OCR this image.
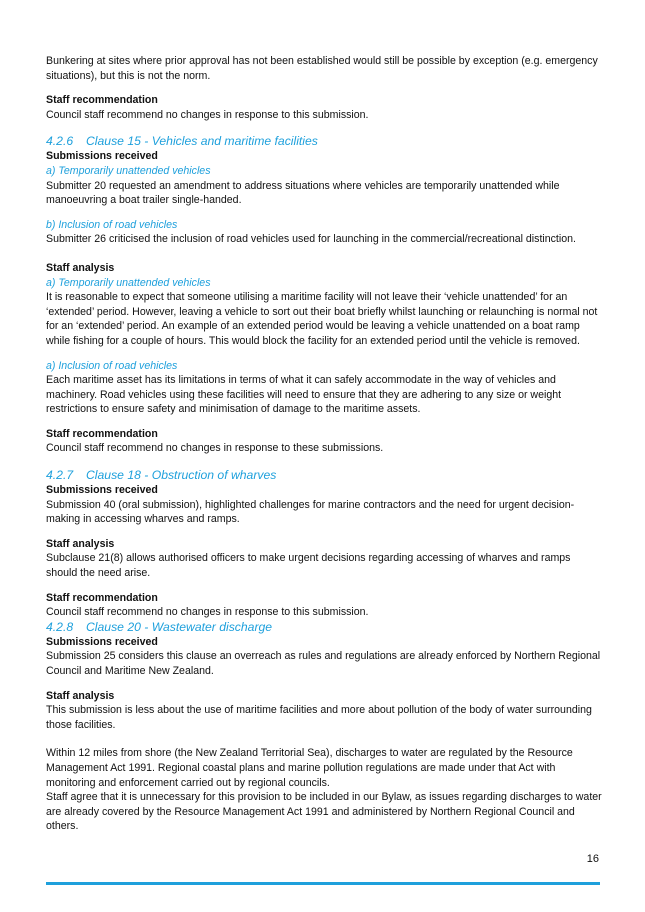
Bunkering at sites where prior approval has not been established would still be possible by exception (e.g. emergency situations), but this is not the norm.

Staff recommendation

Council staff recommend no changes in response to this submission.

4.2.6 Clause 15 - Vehicles and maritime facilities

Submissions received

a) Temporarily unattended vehicles

Submitter 20 requested an amendment to address situations where vehicles are temporarily unattended while manoeuvring a boat trailer single-handed.

b) Inclusion of road vehicles

Submitter 26 criticised the inclusion of road vehicles used for launching in the commercial/recreational distinction.

Staff analysis

a) Temporarily unattended vehicles

It is reasonable to expect that someone utilising a maritime facility will not leave their ‘vehicle unattended’ for an ‘extended’ period. However, leaving a vehicle to sort out their boat briefly whilst launching or relaunching is normal not for an ‘extended’ period. An example of an extended period would be leaving a vehicle unattended on a boat ramp while fishing for a couple of hours. This would block the facility for an extended period until the vehicle is removed.

a) Inclusion of road vehicles

Each maritime asset has its limitations in terms of what it can safely accommodate in the way of vehicles and machinery. Road vehicles using these facilities will need to ensure that they are adhering to any size or weight restrictions to ensure safety and minimisation of damage to the maritime assets.

Staff recommendation

Council staff recommend no changes in response to these submissions.

4.2.7 Clause 18 - Obstruction of wharves

Submissions received

Submission 40 (oral submission), highlighted challenges for marine contractors and the need for urgent decision-making in accessing wharves and ramps.

Staff analysis

Subclause 21(8) allows authorised officers to make urgent decisions regarding accessing of wharves and ramps should the need arise.

Staff recommendation

Council staff recommend no changes in response to this submission.

4.2.8 Clause 20 - Wastewater discharge

Submissions received

Submission 25 considers this clause an overreach as rules and regulations are already enforced by Northern Regional Council and Maritime New Zealand.

Staff analysis

This submission is less about the use of maritime facilities and more about pollution of the body of water surrounding those facilities.

Within 12 miles from shore (the New Zealand Territorial Sea), discharges to water are regulated by the Resource Management Act 1991. Regional coastal plans and marine pollution regulations are made under that Act with monitoring and enforcement carried out by regional councils.

Staff agree that it is unnecessary for this provision to be included in our Bylaw, as issues regarding discharges to water are already covered by the Resource Management Act 1991 and administered by Northern Regional Council and others.

16
